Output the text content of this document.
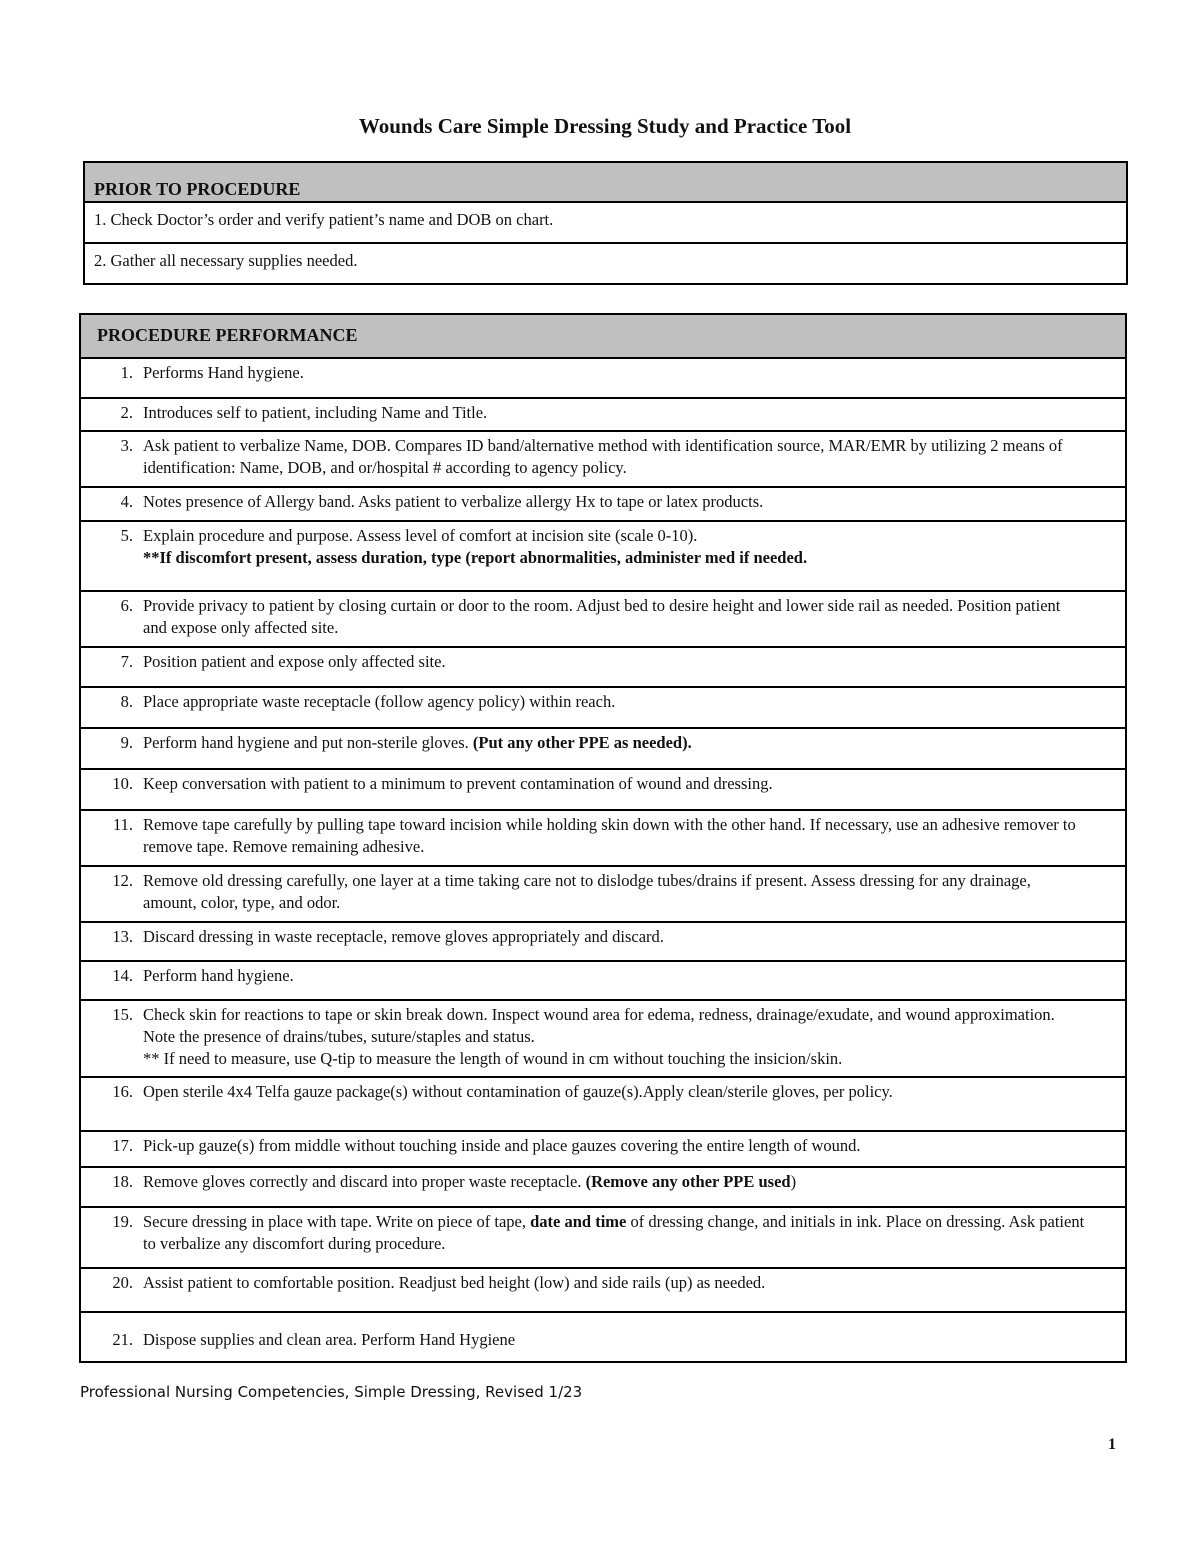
Wounds Care Simple Dressing Study and Practice Tool
PRIOR TO PROCEDURE
1. Check Doctor’s order and verify patient’s name and DOB on chart.
2. Gather all necessary supplies needed.
PROCEDURE PERFORMANCE

1. Performs Hand hygiene.

2. Introduces self to patient, including Name and Title.

3. Ask patient to verbalize Name, DOB. Compares ID band/alternative method with identification source, MAR/EMR by utilizing 2 means of identification: Name, DOB, and or/hospital # according to agency policy.

4. Notes presence of Allergy band. Asks patient to verbalize allergy Hx to tape or latex products.

5. Explain procedure and purpose. Assess level of comfort at incision site (scale 0-10).
**If discomfort present, assess duration, type (report abnormalities, administer med if needed.

6. Provide privacy to patient by closing curtain or door to the room. Adjust bed to desire height and lower side rail as needed. Position patient and expose only affected site.

7. Position patient and expose only affected site.

8. Place appropriate waste receptacle (follow agency policy) within reach.

9. Perform hand hygiene and put non-sterile gloves. (Put any other PPE as needed).

10. Keep conversation with patient to a minimum to prevent contamination of wound and dressing.

11. Remove tape carefully by pulling tape toward incision while holding skin down with the other hand. If necessary, use an adhesive remover to remove tape. Remove remaining adhesive.

12. Remove old dressing carefully, one layer at a time taking care not to dislodge tubes/drains if present. Assess dressing for any drainage, amount, color, type, and odor.

13. Discard dressing in waste receptacle, remove gloves appropriately and discard.

14. Perform hand hygiene.

15. Check skin for reactions to tape or skin break down. Inspect wound area for edema, redness, drainage/exudate, and wound approximation. Note the presence of drains/tubes, suture/staples and status.
** If need to measure, use Q-tip to measure the length of wound in cm without touching the insicion/skin.

16. Open sterile 4x4 Telfa gauze package(s) without contamination of gauze(s).Apply clean/sterile gloves, per policy.

17. Pick-up gauze(s) from middle without touching inside and place gauzes covering the entire length of wound.

18. Remove gloves correctly and discard into proper waste receptacle. (Remove any other PPE used)

19. Secure dressing in place with tape. Write on piece of tape, date and time of dressing change, and initials in ink. Place on dressing. Ask patient to verbalize any discomfort during procedure.

20. Assist patient to comfortable position. Readjust bed height (low) and side rails (up) as needed.

21. Dispose supplies and clean area. Perform Hand Hygiene

Professional Nursing Competencies, Simple Dressing, Revised 1/23

1
